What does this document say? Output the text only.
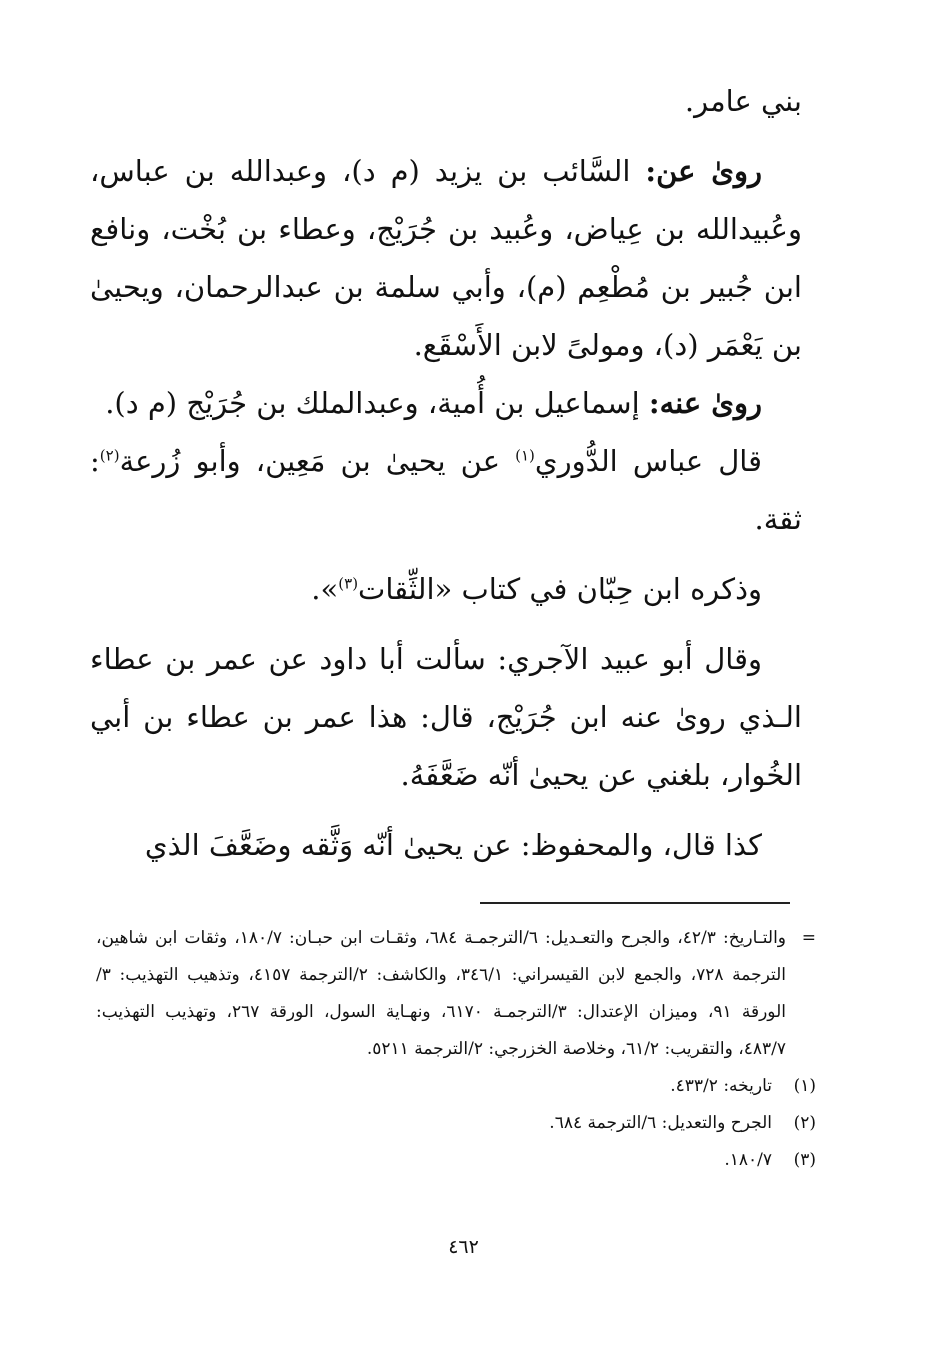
بني عامر.

روىٰ عن: السَّائب بن يزيد (م د)، وعبدالله بن عباس، وعُبيدالله بن عِياض، وعُبيد بن جُرَيْج، وعطاء بن بُخْت، ونافع ابن جُبير بن مُطْعِم (م)، وأبي سلمة بن عبدالرحمان، ويحيىٰ بن يَعْمَر (د)، ومولىً لابن الأَسْقَع.

روىٰ عنه: إسماعيل بن أُمية، وعبدالملك بن جُرَيْج (م د).

قال عباس الدُّوري$^{(١)}$ عن يحيىٰ بن مَعِين، وأبو زُرعة$^{(٢)}$: ثقة.

وذكره ابن حِبّان في كتاب «الثِّقات$^{(٣)}$».

وقال أبو عبيد الآجري: سألت أبا داود عن عمر بن عطاء الـذي روىٰ عنه ابن جُرَيْج، قال: هذا عمر بن عطاء بن أبي الخُوار، بلغني عن يحيىٰ أنّه ضَعَّفَهُ.

كذا قال، والمحفوظ: عن يحيىٰ أنّه وَثَّقه وضَعَّفَ الذي

=
والتـاريخ: ٤٢/٣، والجرح والتعـديل: ٦/الترجمـة ٦٨٤، وثقـات ابن حبـان: ١٨٠/٧، وثقات ابن شاهين، الترجمة ٧٢٨، والجمع لابن القيسراني: ٣٤٦/١، والكاشف: ٢/الترجمة ٤١٥٧، وتذهيب التهذيب: ٣/الورقة ٩١، وميزان الإعتدال: ٣/الترجمـة ٦١٧٠، ونهـاية السول، الورقة ٢٦٧، وتهذيب التهذيب: ٤٨٣/٧، والتقريب: ٦١/٢، وخلاصة الخزرجي: ٢/الترجمة ٥٢١١.
(١)
تاريخه: ٤٣٣/٢.
(٢)
الجرح والتعديل: ٦/الترجمة ٦٨٤.
(٣)
١٨٠/٧.
٤٦٢
